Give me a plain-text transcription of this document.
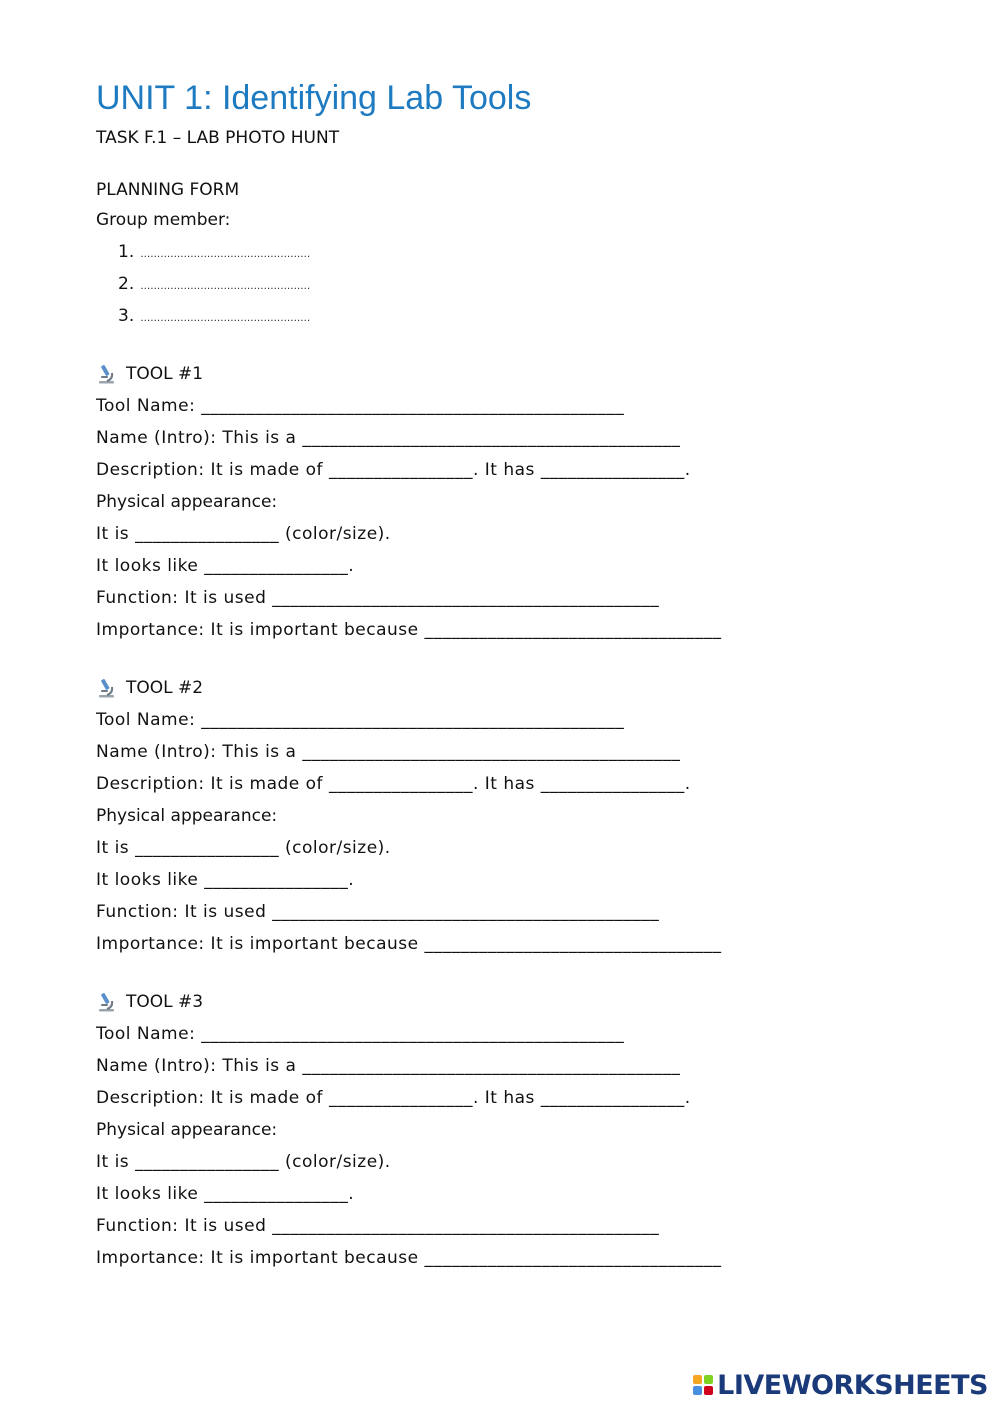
UNIT 1: Identifying Lab Tools
TASK F.1 – LAB PHOTO HUNT
PLANNING FORM
Group member:
1. ……………………………………………
2. ……………………………………………
3. ……………………………………………
TOOL #1
Tool Name: _______________________________________________
Name (Intro): This is a __________________________________________
Description: It is made of ________________. It has ________________.
Physical appearance:
It is ________________ (color/size).
It looks like ________________.
Function: It is used ___________________________________________
Importance: It is important because _________________________________
TOOL #2
Tool Name: _______________________________________________
Name (Intro): This is a __________________________________________
Description: It is made of ________________. It has ________________.
Physical appearance:
It is ________________ (color/size).
It looks like ________________.
Function: It is used ___________________________________________
Importance: It is important because _________________________________
TOOL #3
Tool Name: _______________________________________________
Name (Intro): This is a __________________________________________
Description: It is made of ________________. It has ________________.
Physical appearance:
It is ________________ (color/size).
It looks like ________________.
Function: It is used ___________________________________________
Importance: It is important because _________________________________
LIVEWORKSHEETS
